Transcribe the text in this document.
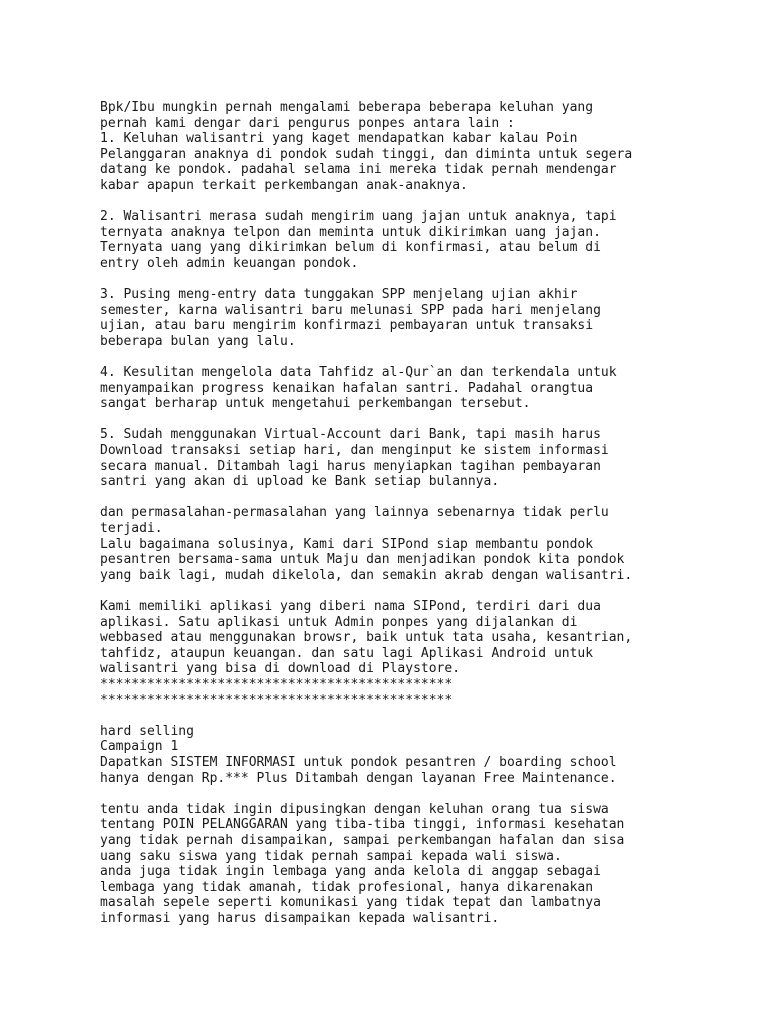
Bpk/Ibu mungkin pernah mengalami beberapa beberapa keluhan yang
pernah kami dengar dari pengurus ponpes antara lain :

1. Keluhan walisantri yang kaget mendapatkan kabar kalau Poin
Pelanggaran anaknya di pondok sudah tinggi, dan diminta untuk segera
datang ke pondok. padahal selama ini mereka tidak pernah mendengar
kabar apapun terkait perkembangan anak-anaknya.

2. Walisantri merasa sudah mengirim uang jajan untuk anaknya, tapi
ternyata anaknya telpon dan meminta untuk dikirimkan uang jajan.
Ternyata uang yang dikirimkan belum di konfirmasi, atau belum di
entry oleh admin keuangan pondok.

3. Pusing meng-entry data tunggakan SPP menjelang ujian akhir
semester, karna walisantri baru melunasi SPP pada hari menjelang
ujian, atau baru mengirim konfirmazi pembayaran untuk transaksi
beberapa bulan yang lalu.

4. Kesulitan mengelola data Tahfidz al-Qur`an dan terkendala untuk
menyampaikan progress kenaikan hafalan santri. Padahal orangtua
sangat berharap untuk mengetahui perkembangan tersebut.

5. Sudah menggunakan Virtual-Account dari Bank, tapi masih harus
Download transaksi setiap hari, dan menginput ke sistem informasi
secara manual. Ditambah lagi harus menyiapkan tagihan pembayaran
santri yang akan di upload ke Bank setiap bulannya.

dan permasalahan-permasalahan yang lainnya sebenarnya tidak perlu
terjadi.

Lalu bagaimana solusinya, Kami dari SIPond siap membantu pondok
pesantren bersama-sama untuk Maju dan menjadikan pondok kita pondok
yang baik lagi, mudah dikelola, dan semakin akrab dengan walisantri.

Kami memiliki aplikasi yang diberi nama SIPond, terdiri dari dua
aplikasi. Satu aplikasi untuk Admin ponpes yang dijalankan di
webbased atau menggunakan browsr, baik untuk tata usaha, kesantrian,
tahfidz, ataupun keuangan. dan satu lagi Aplikasi Android untuk
walisantri yang bisa di download di Playstore.

*********************************************
*********************************************
hard selling
Campaign 1

Dapatkan SISTEM INFORMASI untuk pondok pesantren / boarding school
hanya dengan Rp.*** Plus Ditambah dengan layanan Free Maintenance.

tentu anda tidak ingin dipusingkan dengan keluhan orang tua siswa
tentang POIN PELANGGARAN yang tiba-tiba tinggi, informasi kesehatan
yang tidak pernah disampaikan, sampai perkembangan hafalan dan sisa
uang saku siswa yang tidak pernah sampai kepada wali siswa.

anda juga tidak ingin lembaga yang anda kelola di anggap sebagai
lembaga yang tidak amanah, tidak profesional, hanya dikarenakan
masalah sepele seperti komunikasi yang tidak tepat dan lambatnya
informasi yang harus disampaikan kepada walisantri.
